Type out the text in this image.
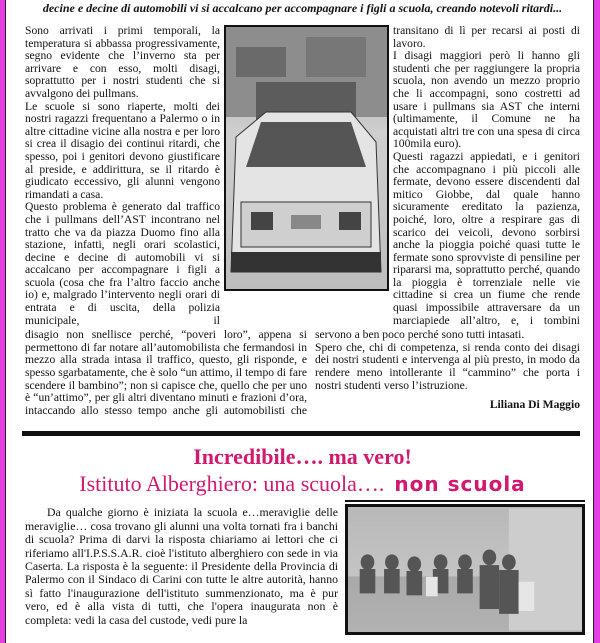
decine e decine di automobili vi si accalcano per accompagnare i figli a scuola, creando notevoli ritardi...

Sono arrivati i primi temporali, la temperatura si abbassa progressivamente, segno evidente che l’inverno sta per arrivare e con esso, molti disagi, soprattutto per i nostri studenti che si avvalgono dei pullmans.

Le scuole si sono riaperte, molti dei nostri ragazzi frequentano a Palermo o in altre cittadine vicine alla nostra e per loro si crea il disagio dei continui ritardi, che spesso, poi i genitori devono giustificare al preside, e addirittura, se il ritardo è giudicato eccessivo, gli alunni vengono rimandati a casa.

Questo problema è generato dal traffico che i pullmans dell’AST incontrano nel tratto che va da piazza Duomo fino alla stazione, infatti, negli orari scolastici, decine e decine di automobili vi si accalcano per accompagnare i figli a scuola (cosa che fra l’altro faccio anche io) e, malgrado l’intervento negli orari di entrata e di uscita, della polizia municipale, il

transitano di lì per recarsi ai posti di lavoro.

I disagi maggiori però li hanno gli studenti che per raggiungere la propria scuola, non avendo un mezzo proprio che li accompagni, sono costretti ad usare i pullmans sia AST che interni (ultimamente, il Comune ne ha acquistati altri tre con una spesa di circa 100mila euro).

Questi ragazzi appiedati, e i genitori che accompagnano i più piccoli alle fermate, devono essere discendenti dal mitico Giobbe, dal quale hanno sicuramente ereditato la pazienza, poiché, loro, oltre a respirare gas di scarico dei veicoli, devono sorbirsi anche la pioggia poiché quasi tutte le fermate sono sprovviste di pensiline per ripararsi ma, soprattutto perché, quando la pioggia è torrenziale nelle vie cittadine si crea un fiume che rende quasi impossibile attraversare da un marciapiede all’altro, e, i tombini

disagio non snellisce perché, “poveri loro”, appena si permettono di far notare all’automobilista che fermandosi in mezzo alla strada intasa il traffico, questo, gli risponde, e spesso sgarbatamente, che è solo “un attimo, il tempo di fare scendere il bambino”; non si capisce che, quello che per uno è “un’attimo”, per gli altri diventano minuti e frazioni d’ora, intaccando allo stesso tempo anche gli automobilisti che

servono a ben poco perché sono tutti intasati.

Spero che, chi di competenza, si renda conto dei disagi dei nostri studenti e intervenga al più presto, in modo da rendere meno intollerante il “cammino” che porta i nostri studenti verso l’istruzione.

Liliana Di Maggio
Incredibile…. ma vero!
Istituto Alberghiero: una scuola…. non scuola

Da qualche giorno è iniziata la scuola e…meraviglie delle meraviglie… cosa trovano gli alunni una volta tornati fra i banchi di scuola? Prima di darvi la risposta chiariamo ai lettori che ci riferiamo all'I.P.S.S.A.R. cioè l'istituto alberghiero con sede in via Caserta. La risposta è la seguente: il Presidente della Provincia di Palermo con il Sindaco di Carini con tutte le altre autorità, hanno sì fatto l'inaugurazione dell'istituto summenzionato, ma è pur vero, ed è alla vista di tutti, che l'opera inaugurata non è completa: vedi la casa del custode, vedi pure la
